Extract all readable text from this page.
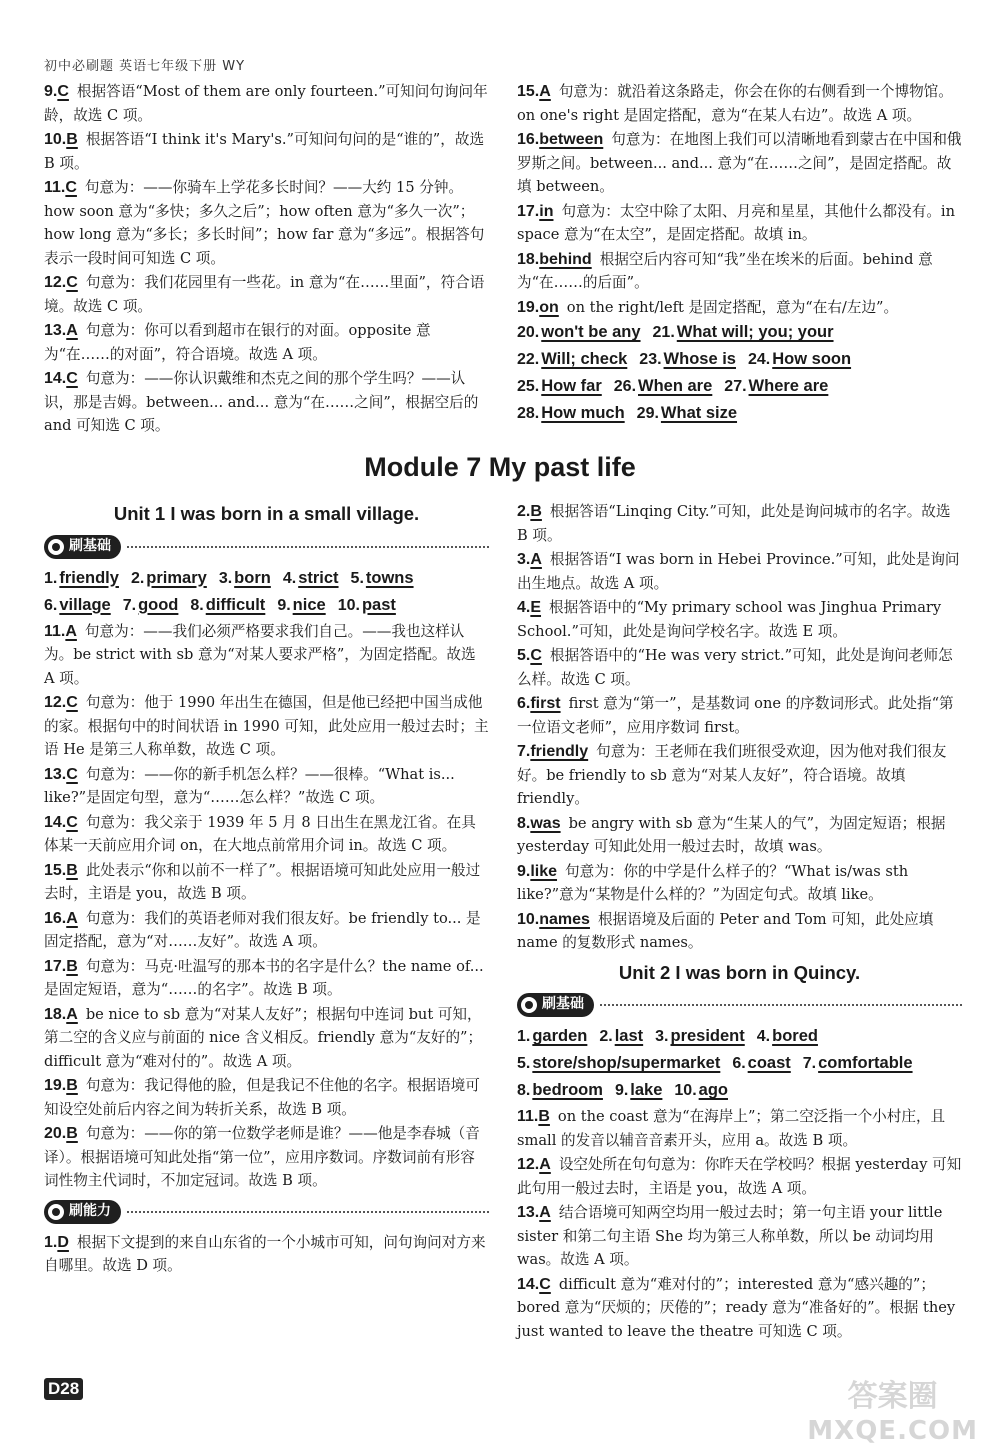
初中必刷题 英语七年级下册 WY
9.C 根据答语“Most of them are only fourteen.”可知问句询问年龄，故选 C 项。
10.B 根据答语“I think it's Mary's.”可知问句问的是“谁的”，故选 B 项。
11.C 句意为：——你骑车上学花多长时间？——大约 15 分钟。how soon 意为“多快；多久之后”；how often 意为“多久一次”；how long 意为“多长；多长时间”；how far 意为“多远”。根据答句表示一段时间可知选 C 项。
12.C 句意为：我们花园里有一些花。in 意为“在……里面”，符合语境。故选 C 项。
13.A 句意为：你可以看到超市在银行的对面。opposite 意为“在……的对面”，符合语境。故选 A 项。
14.C 句意为：——你认识戴维和杰克之间的那个学生吗？——认识，那是吉姆。between... and... 意为“在……之间”，根据空后的 and 可知选 C 项。
15.A 句意为：就沿着这条路走，你会在你的右侧看到一个博物馆。on one's right 是固定搭配，意为“在某人右边”。故选 A 项。
16.between 句意为：在地图上我们可以清晰地看到蒙古在中国和俄罗斯之间。between... and... 意为“在……之间”，是固定搭配。故填 between。
17.in 句意为：太空中除了太阳、月亮和星星，其他什么都没有。in space 意为“在太空”，是固定搭配。故填 in。
18.behind 根据空后内容可知“我”坐在埃米的后面。behind 意为“在……的后面”。
19.on on the right/left 是固定搭配，意为“在右/左边”。
20. won't be any 21. What will; you; your
22. Will; check 23. Whose is 24. How soon
25. How far 26. When are 27. Where are
28. How much 29. What size
Module 7 My past life
Unit 1 I was born in a small village.
刷基础
1. friendly 2. primary 3. born 4. strict 5. towns
6. village 7. good 8. difficult 9. nice 10. past
11.A 句意为：——我们必须严格要求我们自己。——我也这样认为。be strict with sb 意为“对某人要求严格”，为固定搭配。故选 A 项。
12.C 句意为：他于 1990 年出生在德国，但是他已经把中国当成他的家。根据句中的时间状语 in 1990 可知，此处应用一般过去时；主语 He 是第三人称单数，故选 C 项。
13.C 句意为：——你的新手机怎么样？——很棒。“What is... like?”是固定句型，意为“……怎么样？”故选 C 项。
14.C 句意为：我父亲于 1939 年 5 月 8 日出生在黑龙江省。在具体某一天前应用介词 on，在大地点前常用介词 in。故选 C 项。
15.B 此处表示“你和以前不一样了”。根据语境可知此处应用一般过去时，主语是 you，故选 B 项。
16.A 句意为：我们的英语老师对我们很友好。be friendly to... 是固定搭配，意为“对……友好”。故选 A 项。
17.B 句意为：马克·吐温写的那本书的名字是什么？the name of... 是固定短语，意为“……的名字”。故选 B 项。
18.A be nice to sb 意为“对某人友好”；根据句中连词 but 可知，第二空的含义应与前面的 nice 含义相反。friendly 意为“友好的”；difficult 意为“难对付的”。故选 A 项。
19.B 句意为：我记得他的脸，但是我记不住他的名字。根据语境可知设空处前后内容之间为转折关系，故选 B 项。
20.B 句意为：——你的第一位数学老师是谁？——他是李春城（音译）。根据语境可知此处指“第一位”，应用序数词。序数词前有形容词性物主代词时，不加定冠词。故选 B 项。
刷能力
1.D 根据下文提到的来自山东省的一个小城市可知，问句询问对方来自哪里。故选 D 项。
2.B 根据答语“Linqing City.”可知，此处是询问城市的名字。故选 B 项。
3.A 根据答语“I was born in Hebei Province.”可知，此处是询问出生地点。故选 A 项。
4.E 根据答语中的“My primary school was Jinghua Primary School.”可知，此处是询问学校名字。故选 E 项。
5.C 根据答语中的“He was very strict.”可知，此处是询问老师怎么样。故选 C 项。
6.first first 意为“第一”，是基数词 one 的序数词形式。此处指“第一位语文老师”，应用序数词 first。
7.friendly 句意为：王老师在我们班很受欢迎，因为他对我们很友好。be friendly to sb 意为“对某人友好”，符合语境。故填 friendly。
8.was be angry with sb 意为“生某人的气”，为固定短语；根据 yesterday 可知此处用一般过去时，故填 was。
9.like 句意为：你的中学是什么样子的？“What is/was sth like?”意为“某物是什么样的？”为固定句式。故填 like。
10.names 根据语境及后面的 Peter and Tom 可知，此处应填 name 的复数形式 names。
Unit 2 I was born in Quincy.
刷基础
1. garden 2. last 3. president 4. bored
5. store/shop/supermarket 6. coast 7. comfortable
8. bedroom 9. lake 10. ago
11.B on the coast 意为“在海岸上”；第二空泛指一个小村庄，且 small 的发音以辅音音素开头，应用 a。故选 B 项。
12.A 设空处所在句句意为：你昨天在学校吗？根据 yesterday 可知此句用一般过去时，主语是 you，故选 A 项。
13.A 结合语境可知两空均用一般过去时；第一句主语 your little sister 和第二句主语 She 均为第三人称单数，所以 be 动词均用 was。故选 A 项。
14.C difficult 意为“难对付的”；interested 意为“感兴趣的”；bored 意为“厌烦的；厌倦的”；ready 意为“准备好的”。根据 they just wanted to leave the theatre 可知选 C 项。
D28	答案圈
MXQE.COM
